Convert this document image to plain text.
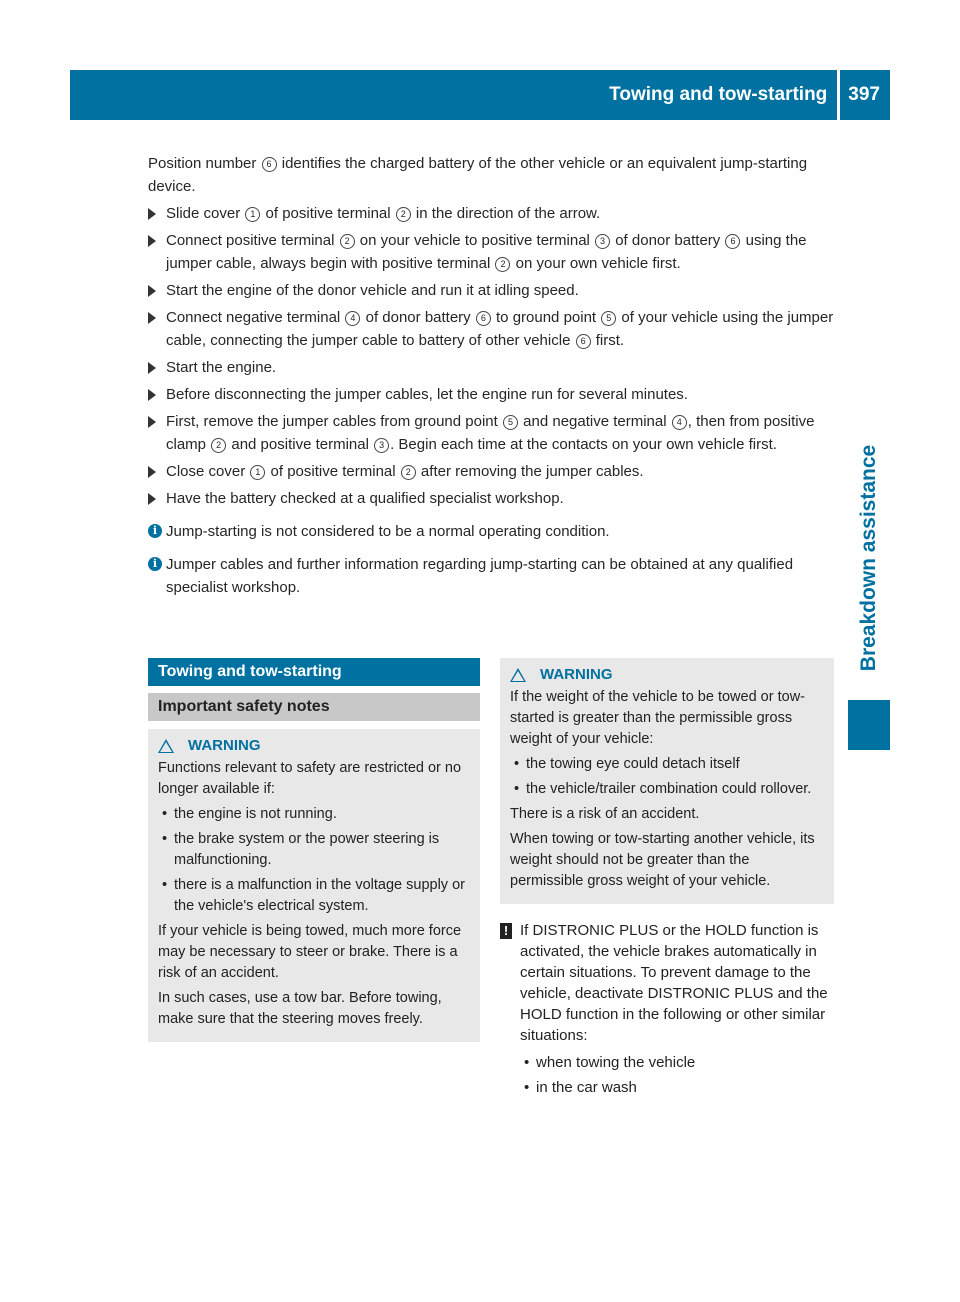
Towing and tow-starting	397
Breakdown assistance

Position number 6 identifies the charged battery of the other vehicle or an equivalent jump-starting device.

Slide cover 1 of positive terminal 2 in the direction of the arrow.
Connect positive terminal 2 on your vehicle to positive terminal 3 of donor battery 6 using the jumper cable, always begin with positive terminal 2 on your own vehicle first.
Start the engine of the donor vehicle and run it at idling speed.
Connect negative terminal 4 of donor battery 6 to ground point 5 of your vehicle using the jumper cable, connecting the jumper cable to battery of other vehicle 6 first.
Start the engine.
Before disconnecting the jumper cables, let the engine run for several minutes.
First, remove the jumper cables from ground point 5 and negative terminal 4 , then from positive clamp 2 and positive terminal 3 . Begin each time at the contacts on your own vehicle first.
Close cover 1 of positive terminal 2 after removing the jumper cables.
Have the battery checked at a qualified specialist workshop.
i Jump-starting is not considered to be a normal operating condition.
i Jumper cables and further information regarding jump-starting can be obtained at any qualified specialist workshop.
Towing and tow-starting
Important safety notes
WARNING

Functions relevant to safety are restricted or no longer available if:

• the engine is not running.
• the brake system or the power steering is malfunctioning.
• there is a malfunction in the voltage supply or the vehicle's electrical system.

If your vehicle is being towed, much more force may be necessary to steer or brake. There is a risk of an accident.

In such cases, use a tow bar. Before towing, make sure that the steering moves freely.

WARNING

If the weight of the vehicle to be towed or tow-started is greater than the permissible gross weight of your vehicle:

• the towing eye could detach itself
• the vehicle/trailer combination could rollover.

There is a risk of an accident.

When towing or tow-starting another vehicle, its weight should not be greater than the permissible gross weight of your vehicle.

! If DISTRONIC PLUS or the HOLD function is activated, the vehicle brakes automatically in certain situations. To prevent damage to the vehicle, deactivate DISTRONIC PLUS and the HOLD function in the following or other similar situations:

• when towing the vehicle
• in the car wash
